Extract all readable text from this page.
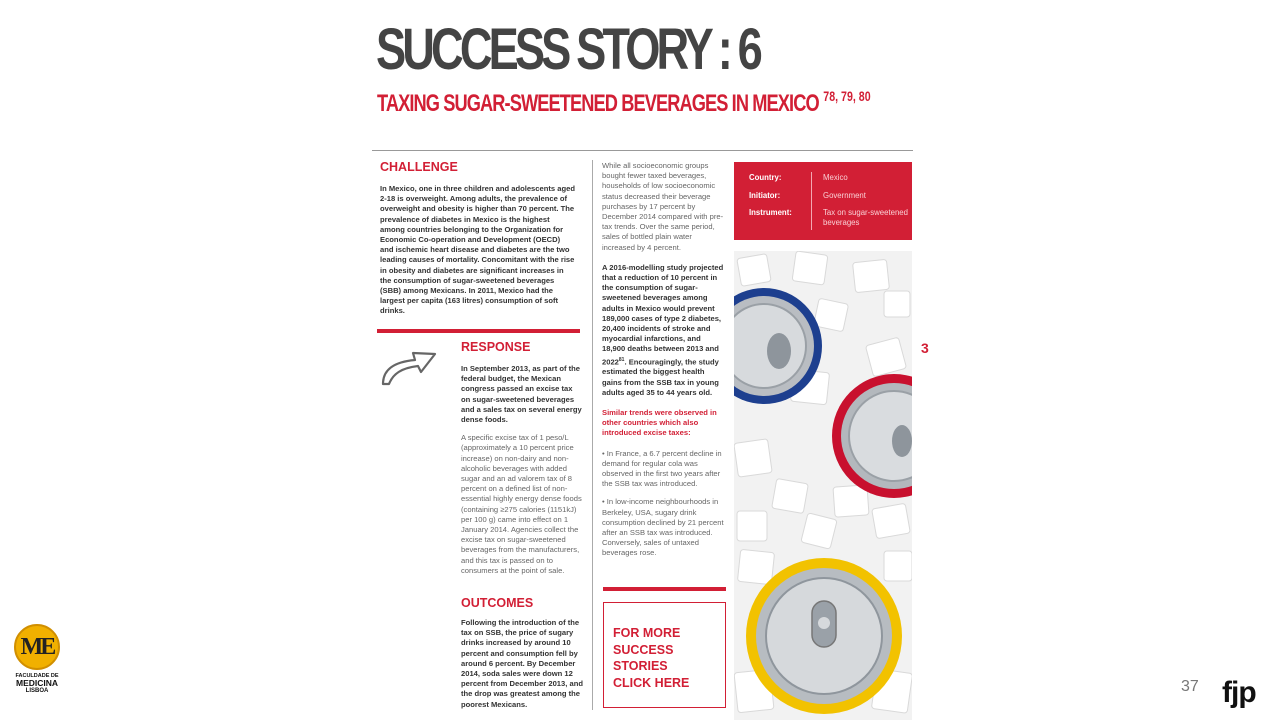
SUCCESS STORY : 6
TAXING SUGAR-SWEETENED BEVERAGES IN MEXICO $^{78, 79, 80}$
CHALLENGE
In Mexico, one in three children and adolescents aged 2-18 is overweight. Among adults, the prevalence of overweight and obesity is higher than 70 percent. The prevalence of diabetes in Mexico is the highest among countries belonging to the Organization for Economic Co-operation and Development (OECD) and ischemic heart disease and diabetes are the two leading causes of mortality. Concomitant with the rise in obesity and diabetes are significant increases in the consumption of sugar-sweetened beverages (SBB) among Mexicans. In 2011, Mexico had the largest per capita (163 litres) consumption of soft drinks.
RESPONSE
In September 2013, as part of the federal budget, the Mexican congress passed an excise tax on sugar-sweetened beverages and a sales tax on several energy dense foods.
A specific excise tax of 1 peso/L (approximately a 10 percent price increase) on non-dairy and non-alcoholic beverages with added sugar and an ad valorem tax of 8 percent on a defined list of non-essential highly energy dense foods (containing ≥275 calories (1151kJ) per 100 g) came into effect on 1 January 2014. Agencies collect the excise tax on sugar-sweetened beverages from the manufacturers, and this tax is passed on to consumers at the point of sale.
OUTCOMES
Following the introduction of the tax on SSB, the price of sugary drinks increased by around 10 percent and consumption fell by around 6 percent. By December 2014, soda sales were down 12 percent from December 2013, and the drop was greatest among the poorest Mexicans.

While all socioeconomic groups bought fewer taxed beverages, households of low socioeconomic status decreased their beverage purchases by 17 percent by December 2014 compared with pre-tax trends. Over the same period, sales of bottled plain water increased by 4 percent.

A 2016-modelling study projected that a reduction of 10 percent in the consumption of sugar-sweetened beverages among adults in Mexico would prevent 189,000 cases of type 2 diabetes, 20,400 incidents of stroke and myocardial infarctions, and 18,900 deaths between 2013 and 2022$^{81}$. Encouragingly, the study estimated the biggest health gains from the SSB tax in young adults aged 35 to 44 years old.

Similar trends were observed in other countries which also introduced excise taxes:

• In France, a 6.7 percent decline in demand for regular cola was observed in the first two years after the SSB tax was introduced.
• In low-income neighbourhoods in Berkeley, USA, sugary drink consumption declined by 21 percent after an SSB tax was introduced. Conversely, sales of untaxed beverages rose.
FOR MORE
SUCCESS
STORIES
CLICK HERE
Country:	Mexico
Initiator:	Government
Instrument:	Tax on sugar-sweetened beverages
3
ME
FACULDADE DE
MEDICINA
LISBOA	37 fjp
